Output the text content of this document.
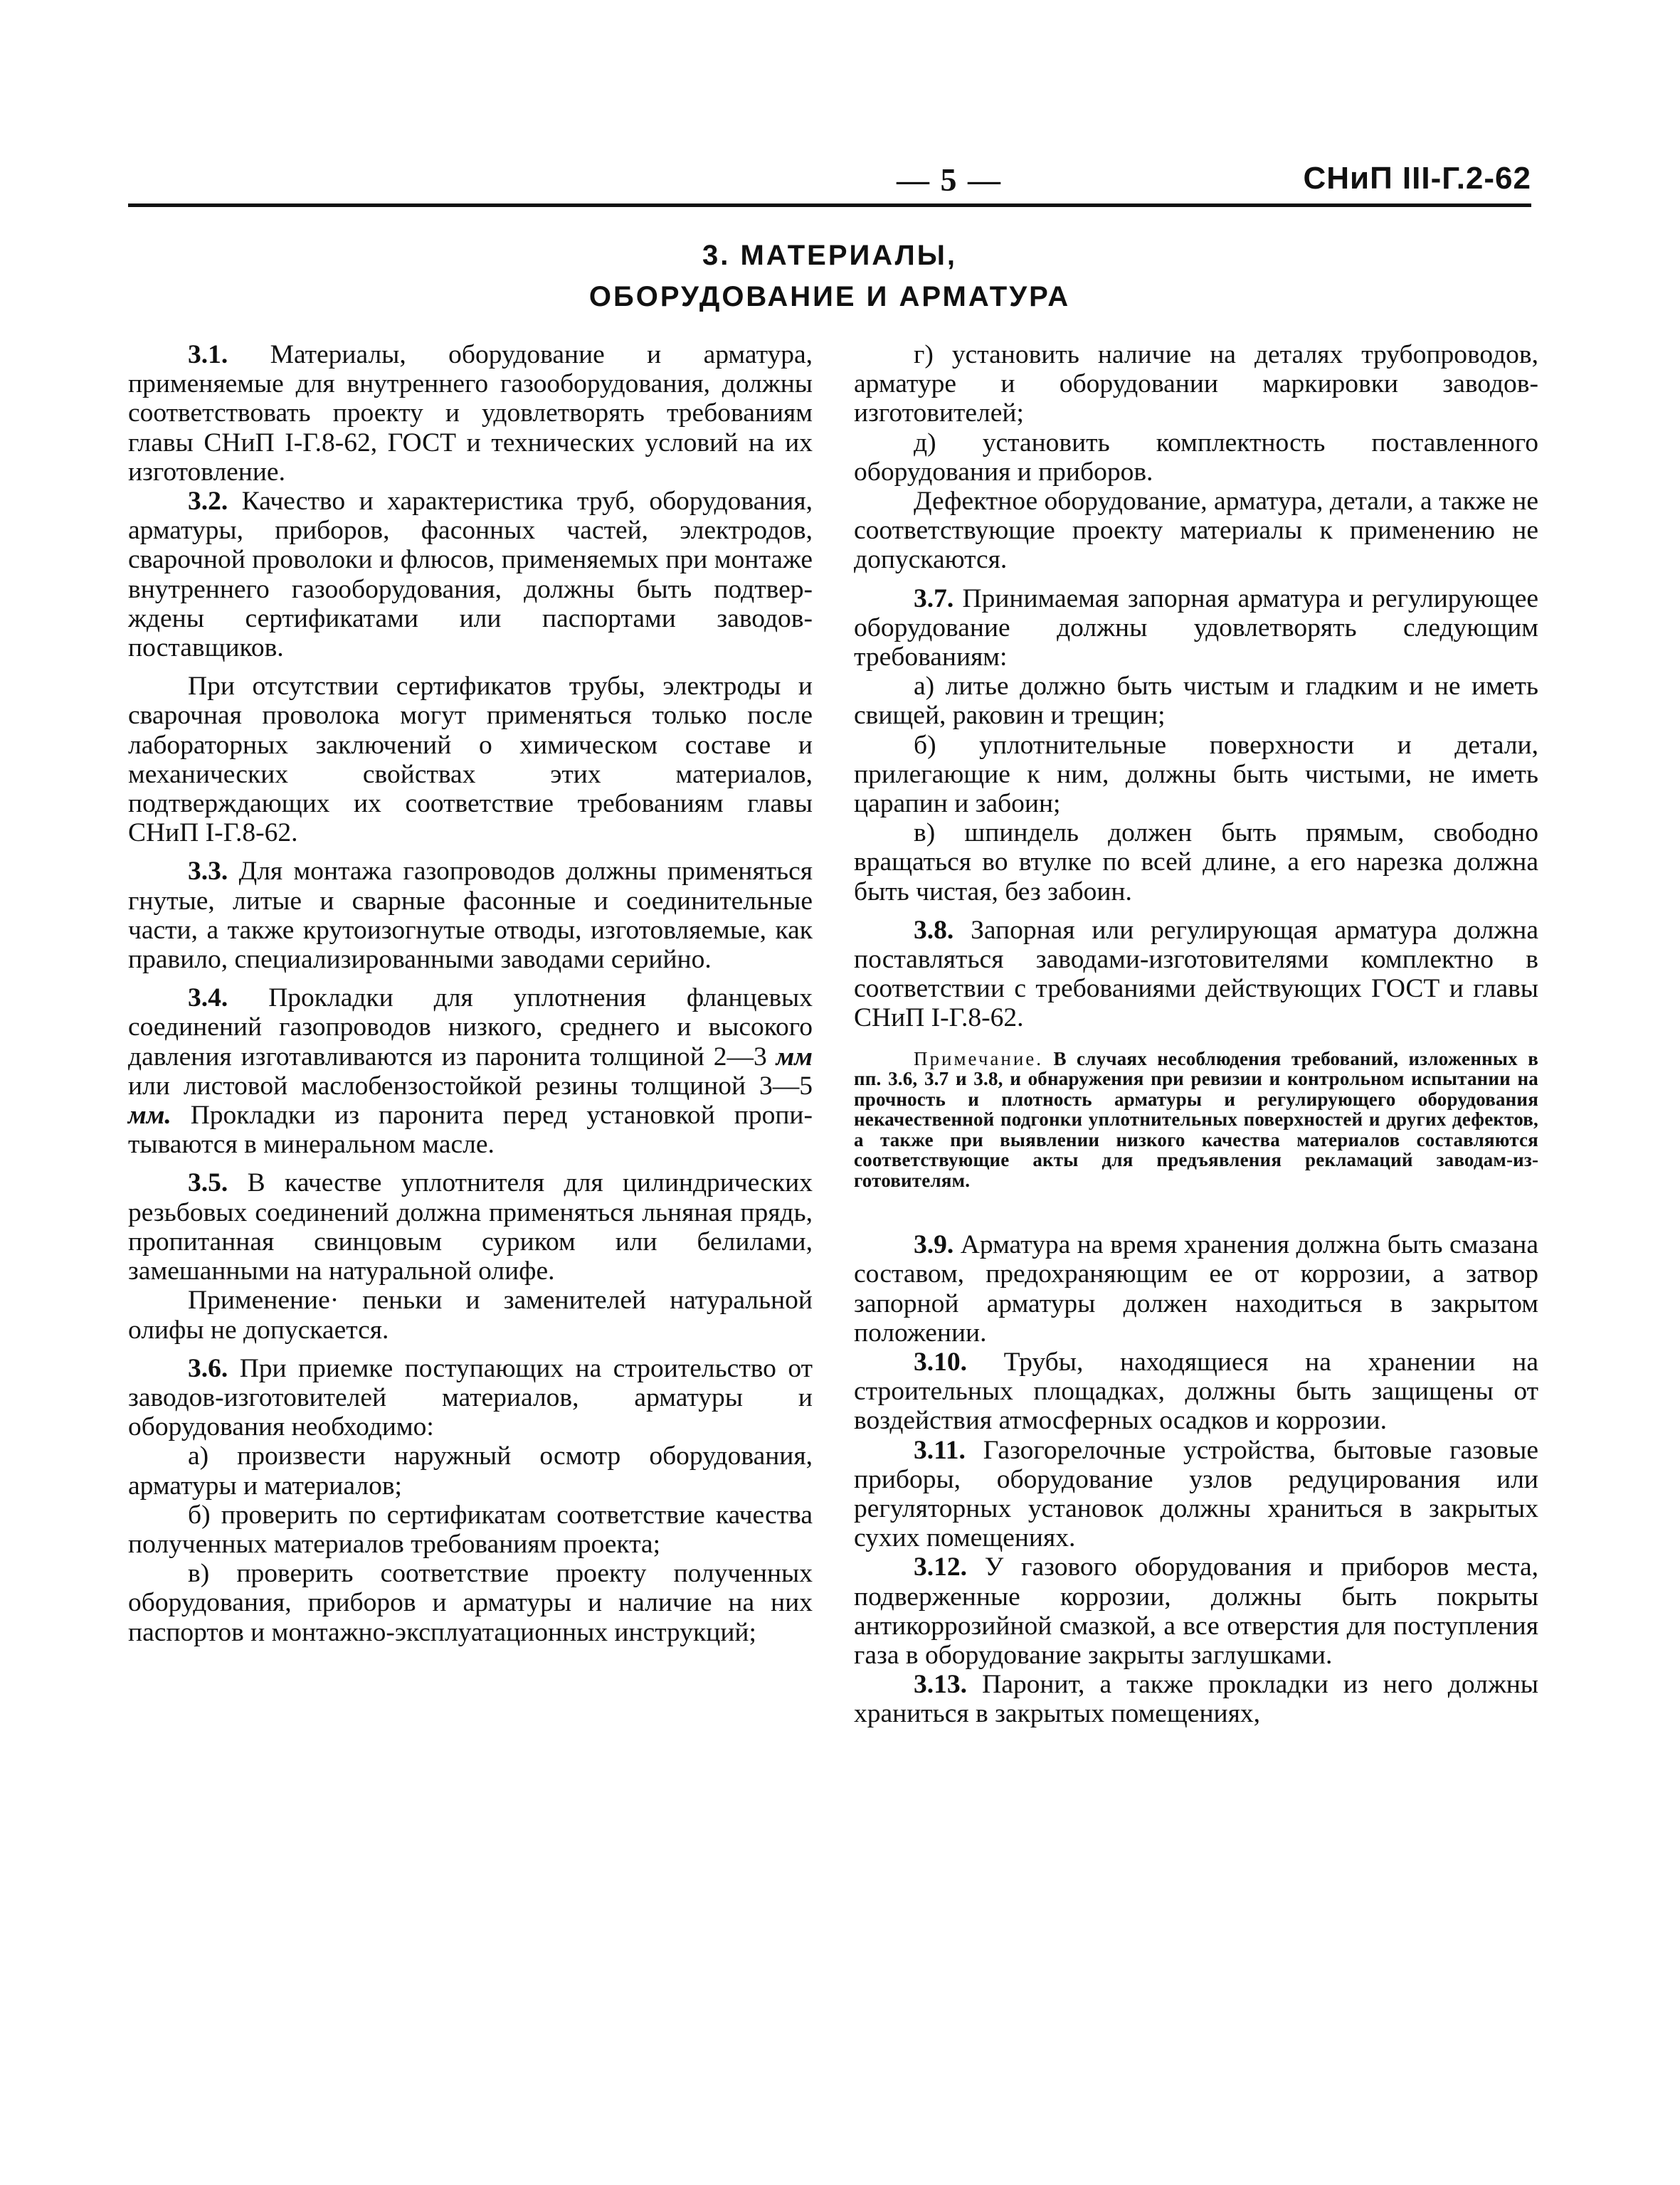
— 5 —	СНиП III-Г.2-62
3. МАТЕРИАЛЫ,
ОБОРУДОВАНИЕ И АРМАТУРА

3.1. Материалы, оборудование и арматура, применяемые для внутреннего газооборудования, должны соответствовать проекту и удовлетворять требованиям главы СНиП I-Г.8-62, ГОСТ и технических условий на их изготовление.

3.2. Качество и характеристика труб, оборудования, арматуры, приборов, фасонных частей, электродов, сварочной проволоки и флюсов, применяемых при монтаже внутреннего газооборудования, должны быть подтверждены сертификатами или паспортами заводов-поставщиков.

При отсутствии сертификатов трубы, электроды и сварочная проволока могут применяться только после лабораторных заключений о химическом составе и механических свойствах этих материалов, подтверждающих их соответствие требованиям главы СНиП I-Г.8-62.

3.3. Для монтажа газопроводов должны применяться гнутые, литые и сварные фасонные и соединительные части, а также крутоизогнутые отводы, изготовляемые, как правило, специализированными заводами серийно.

3.4. Прокладки для уплотнения фланцевых соединений газопроводов низкого, среднего и высокого давления изготавливаются из паронита толщиной 2—3 мм или листовой маслобензостойкой резины толщиной 3—5 мм. Прокладки из паронита перед установкой пропитываются в минеральном масле.

3.5. В качестве уплотнителя для цилиндрических резьбовых соединений должна применяться льняная прядь, пропитанная свинцовым суриком или белилами, замешанными на натуральной олифе.

Применение· пеньки и заменителей натуральной олифы не допускается.

3.6. При приемке поступающих на строительство от заводов-изготовителей материалов, арматуры и оборудования необходимо:

а) произвести наружный осмотр оборудования, арматуры и материалов;

б) проверить по сертификатам соответствие качества полученных материалов требованиям проекта;

в) проверить соответствие проекту полученных оборудования, приборов и арматуры и наличие на них паспортов и монтажно-эксплуатационных инструкций;

г) установить наличие на деталях трубопроводов, арматуре и оборудовании маркировки заводов-изготовителей;

д) установить комплектность поставленного оборудования и приборов.

Дефектное оборудование, арматура, детали, а также не соответствующие проекту материалы к применению не допускаются.

3.7. Принимаемая запорная арматура и регулирующее оборудование должны удовлетворять следующим требованиям:

а) литье должно быть чистым и гладким и не иметь свищей, раковин и трещин;

б) уплотнительные поверхности и детали, прилегающие к ним, должны быть чистыми, не иметь царапин и забоин;

в) шпиндель должен быть прямым, свободно вращаться во втулке по всей длине, а его нарезка должна быть чистая, без забоин.

3.8. Запорная или регулирующая арматура должна поставляться заводами-изготовителями комплектно в соответствии с требованиями действующих ГОСТ и главы СНиП I-Г.8-62.

Примечание. В случаях несоблюдения требований, изложенных в пп. 3.6, 3.7 и 3.8, и обнаружения при ревизии и контрольном испытании на прочность и плотность арматуры и регулирующего оборудования некачественной подгонки уплотнительных поверхностей и других дефектов, а также при выявлении низкого качества материалов составляются соответствующие акты для предъявления рекламаций заводам-изготовителям.

3.9. Арматура на время хранения должна быть смазана составом, предохраняющим ее от коррозии, а затвор запорной арматуры должен находиться в закрытом положении.

3.10. Трубы, находящиеся на хранении на строительных площадках, должны быть защищены от воздействия атмосферных осадков и коррозии.

3.11. Газогорелочные устройства, бытовые газовые приборы, оборудование узлов редуцирования или регуляторных установок должны храниться в закрытых сухих помещениях.

3.12. У газового оборудования и приборов места, подверженные коррозии, должны быть покрыты антикоррозийной смазкой, а все отверстия для поступления газа в оборудование закрыты заглушками.

3.13. Паронит, а также прокладки из него должны храниться в закрытых помещениях,
